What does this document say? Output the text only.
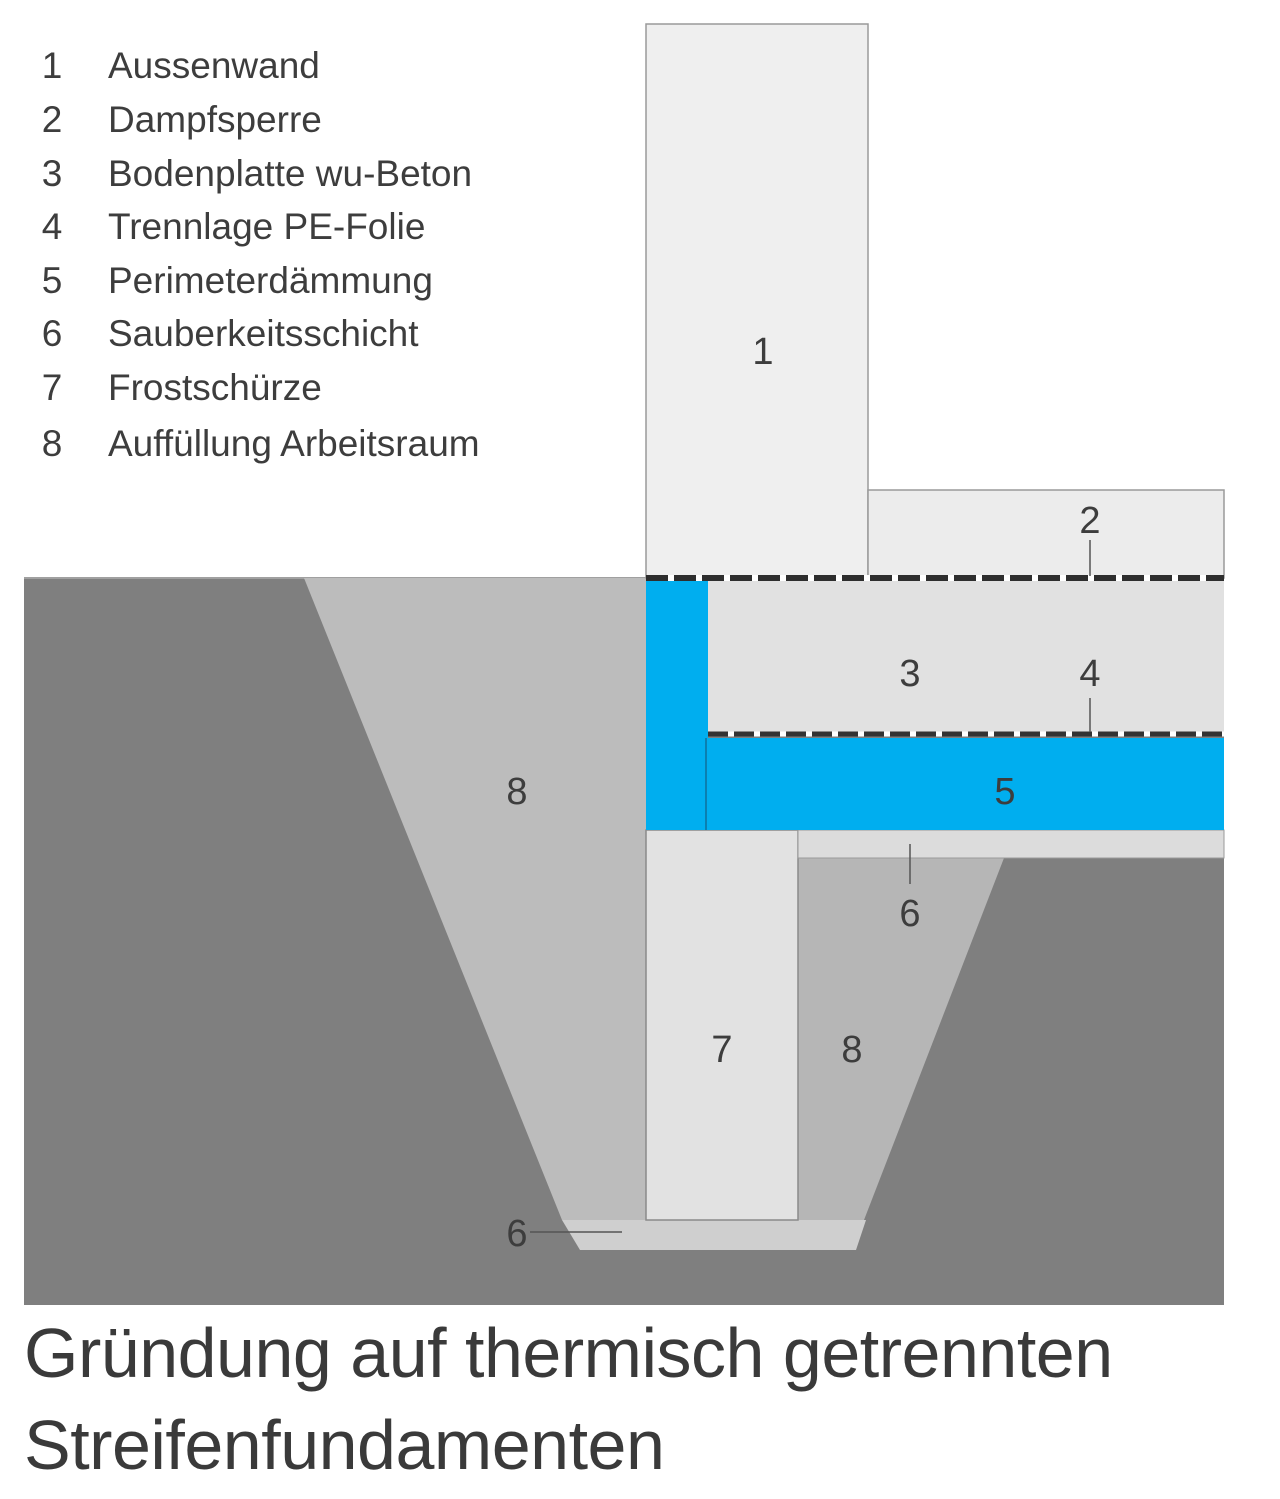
1 Aussenwand
2 Dampfsperre
3 Bodenplatte wu-Beton
4 Trennlage PE-Folie
5 Perimeterdämmung
6 Sauberkeitsschicht
7 Frostschürze
8 Auffüllung Arbeitsraum
1
2
3	4
5
8
6
7	8
6
Gründung auf thermisch getrennten
Streifenfundamenten
